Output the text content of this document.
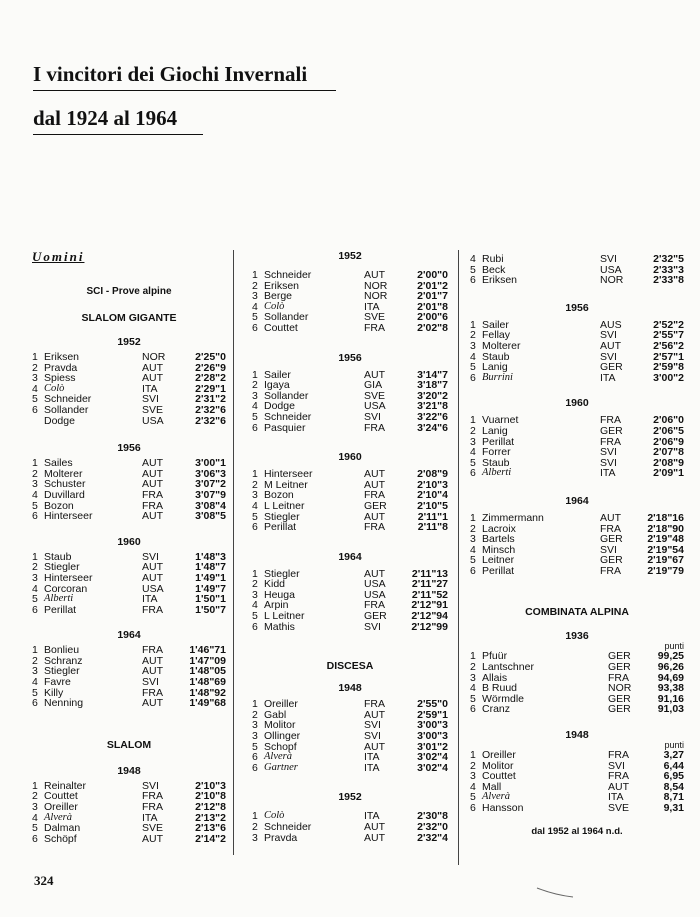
I vincitori dei Giochi Invernali
dal 1924 al 1964
Uomini
SCI - Prove alpine
SLALOM GIGANTE
1952
1 Eriksen	NOR	2'25"0
2 Pravda	AUT	2'26"9
3 Spiess	AUT	2'28"2
4 Colò	ITA	2'29"1
5 Schneider	SVI	2'31"2
6 Sollander	SVE	2'32"6
Dodge	USA	2'32"6
1956
1 Sailes	AUT	3'00"1
2 Molterer	AUT	3'06"3
3 Schuster	AUT	3'07"2
4 Duvillard	FRA	3'07"9
5 Bozon	FRA	3'08"4
6 Hinterseer	AUT	3'08"5
1960
1 Staub	SVI	1'48"3
2 Stiegler	AUT	1'48"7
3 Hinterseer	AUT	1'49"1
4 Corcoran	USA	1'49"7
5 Alberti	ITA	1'50"1
6 Perillat	FRA	1'50"7
1964
1 Bonlieu	FRA	1'46"71
2 Schranz	AUT	1'47"09
3 Stiegler	AUT	1'48"05
4 Favre	SVI	1'48"69
5 Killy	FRA	1'48"92
6 Nenning	AUT	1'49"68
SLALOM
1948
1 Reinalter	SVI	2'10"3
2 Couttet	FRA	2'10"8
3 Oreiller	FRA	2'12"8
4 Alverà	ITA	2'13"2
5 Dalman	SVE	2'13"6
6 Schöpf	AUT	2'14"2
1952
1 Schneider	AUT	2'00"0
2 Eriksen	NOR	2'01"2
3 Berge	NOR	2'01"7
4 Colò	ITA	2'01"8
5 Sollander	SVE	2'00"6
6 Couttet	FRA	2'02"8
1956
1 Sailer	AUT	3'14"7
2 Igaya	GIA	3'18"7
3 Sollander	SVE	3'20"2
4 Dodge	USA	3'21"8
5 Schneider	SVI	3'22"6
6 Pasquier	FRA	3'24"6
1960
1 Hinterseer	AUT	2'08"9
2 M Leitner	AUT	2'10"3
3 Bozon	FRA	2'10"4
4 L Leitner	GER	2'10"5
5 Stiegler	AUT	2'11"1
6 Perillat	FRA	2'11"8
1964
1 Stiegler	AUT	2'11"13
2 Kidd	USA	2'11"27
3 Heuga	USA	2'11"52
4 Arpin	FRA	2'12"91
5 L Leitner	GER	2'12"94
6 Mathis	SVI	2'12"99
DISCESA
1948
1 Oreiller	FRA	2'55"0
2 Gabl	AUT	2'59"1
3 Molitor	SVI	3'00"3
3 Ollinger	SVI	3'00"3
5 Schopf	AUT	3'01"2
6 Alverà	ITA	3'02"4
6 Gartner	ITA	3'02"4
1952
1 Colò	ITA	2'30"8
2 Schneider	AUT	2'32"0
3 Pravda	AUT	2'32"4
4 Rubi	SVI	2'32"5
5 Beck	USA	2'33"3
6 Eriksen	NOR	2'33"8
1956
1 Sailer	AUS	2'52"2
2 Fellay	SVI	2'55"7
3 Molterer	AUT	2'56"2
4 Staub	SVI	2'57"1
5 Lanig	GER	2'59"8
6 Burrini	ITA	3'00"2
1960
1 Vuarnet	FRA	2'06"0
2 Lanig	GER	2'06"5
3 Perillat	FRA	2'06"9
4 Forrer	SVI	2'07"8
5 Staub	SVI	2'08"9
6 Alberti	ITA	2'09"1
1964
1 Zimmermann	AUT	2'18"16
2 Lacroix	FRA	2'18"90
3 Bartels	GER	2'19"48
4 Minsch	SVI	2'19"54
5 Leitner	GER	2'19"67
6 Perillat	FRA	2'19"79
COMBINATA ALPINA
1936
punti
1 Pfuür	GER	99,25
2 Lantschner	GER	96,26
3 Allais	FRA	94,69
4 B Ruud	NOR	93,38
5 Wörmdle	GER	91,16
6 Cranz	GER	91,03
1948
punti
1 Oreiller	FRA	3,27
2 Molitor	SVI	6,44
3 Couttet	FRA	6,95
4 Mall	AUT	8,54
5 Alverà	ITA	8,71
6 Hansson	SVE	9,31
dal 1952 al 1964 n.d.
324
